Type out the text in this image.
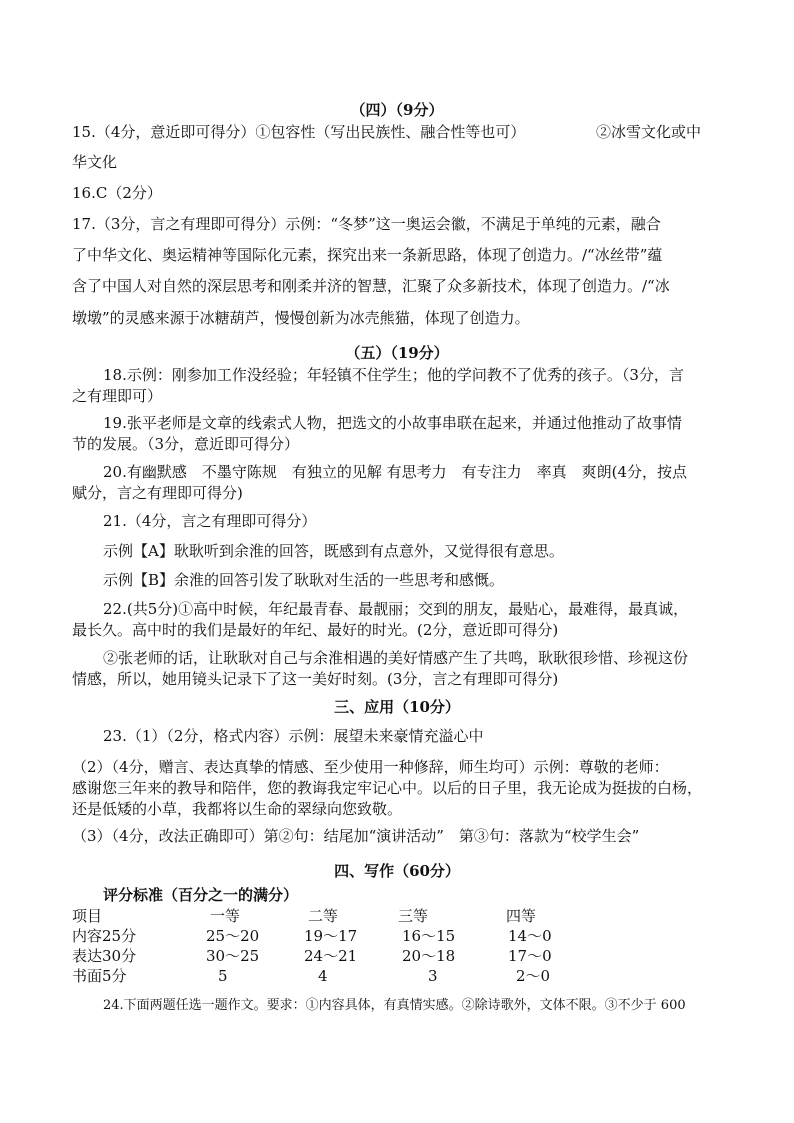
（四）（9分）
15.（4分，意近即可得分）①包容性（写出民族性、融合性等也可）	②冰雪文化或中
华文化
16.C（2分）
17.（3分，言之有理即可得分）示例：“冬梦”这一奥运会徽，不满足于单纯的元素，融合
了中华文化、奥运精神等国际化元素，探究出来一条新思路，体现了创造力。/“冰丝带”蕴
含了中国人对自然的深层思考和刚柔并济的智慧，汇聚了众多新技术，体现了创造力。/“冰
墩墩”的灵感来源于冰糖葫芦，慢慢创新为冰壳熊猫，体现了创造力。
（五）（19分）
18.示例：刚参加工作没经验；年轻镇不住学生；他的学问教不了优秀的孩子。（3分，言
之有理即可）
19.张平老师是文章的线索式人物，把选文的小故事串联在起来，并通过他推动了故事情
节的发展。（3分，意近即可得分）
20.有幽默感　不墨守陈规　有独立的见解 有思考力　有专注力　率真　爽朗(4分，按点
赋分，言之有理即可得分)
21.（4分，言之有理即可得分）
示例【A】耿耿听到余淮的回答，既感到有点意外，又觉得很有意思。
示例【B】余淮的回答引发了耿耿对生活的一些思考和感慨。
22.(共5分)①高中时候，年纪最青春、最靓丽；交到的朋友，最贴心，最难得，最真诚，
最长久。高中时的我们是最好的年纪、最好的时光。(2分，意近即可得分)
②张老师的话，让耿耿对自己与余淮相遇的美好情感产生了共鸣，耿耿很珍惜、珍视这份
情感，所以，她用镜头记录下了这一美好时刻。(3分，言之有理即可得分)
三、应用（10分）
23.（1）（2分，格式内容）示例：展望未来豪情充溢心中
（2）（4分，赠言、表达真挚的情感、至少使用一种修辞，师生均可）示例：尊敬的老师：
感谢您三年来的教导和陪伴，您的教诲我定牢记心中。以后的日子里，我无论成为挺拔的白杨，
还是低矮的小草，我都将以生命的翠绿向您致敬。
（3）（4分，改法正确即可）第②句：结尾加“演讲活动”　第③句：落款为“校学生会”
四、写作（60分）
评分标准（百分之一的满分）
项目	一等	二等	三等	四等
内容25分	25～20	19～17	16～15	14～0
表达30分	30～25	24～21	20～18	17～0
书面5分	5	4	3	2～0
24.下面两题任选一题作文。要求：①内容具体，有真情实感。②除诗歌外，文体不限。③不少于 600
